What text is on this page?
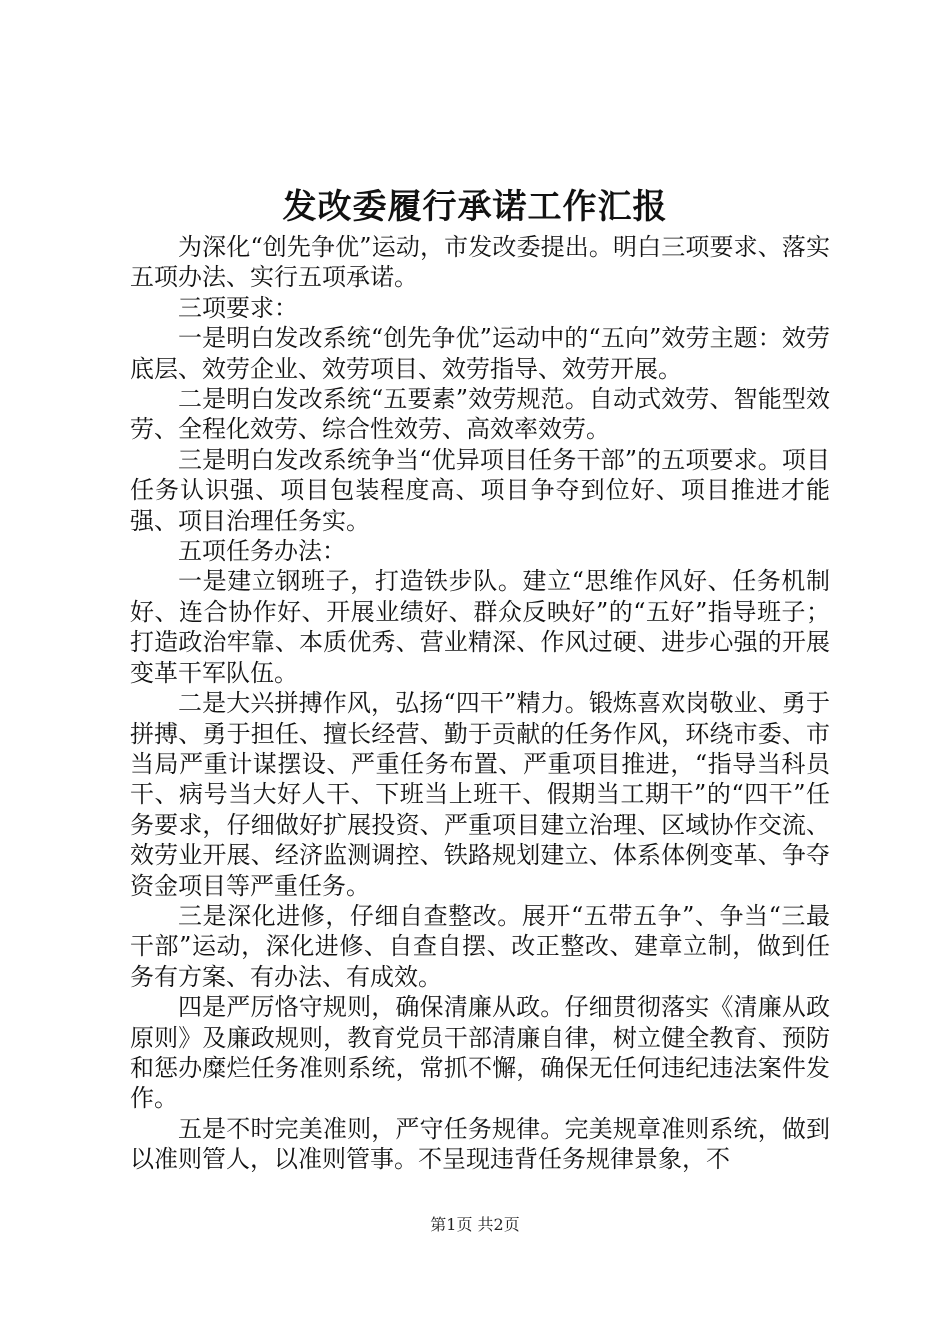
发改委履行承诺工作汇报

为深化“创先争优”运动，市发改委提出。明白三项要求、落实五项办法、实行五项承诺。

三项要求：

一是明白发改系统“创先争优”运动中的“五向”效劳主题：效劳底层、效劳企业、效劳项目、效劳指导、效劳开展。

二是明白发改系统“五要素”效劳规范。自动式效劳、智能型效劳、全程化效劳、综合性效劳、高效率效劳。

三是明白发改系统争当“优异项目任务干部”的五项要求。项目任务认识强、项目包装程度高、项目争夺到位好、项目推进才能强、项目治理任务实。

五项任务办法：

一是建立钢班子，打造铁步队。建立“思维作风好、任务机制好、连合协作好、开展业绩好、群众反映好”的“五好”指导班子；打造政治牢靠、本质优秀、营业精深、作风过硬、进步心强的开展变革干军队伍。

二是大兴拼搏作风，弘扬“四干”精力。锻炼喜欢岗敬业、勇于拼搏、勇于担任、擅长经营、勤于贡献的任务作风，环绕市委、市当局严重计谋摆设、严重任务布置、严重项目推进，“指导当科员干、病号当大好人干、下班当上班干、假期当工期干”的“四干”任务要求，仔细做好扩展投资、严重项目建立治理、区域协作交流、效劳业开展、经济监测调控、铁路规划建立、体系体例变革、争夺资金项目等严重任务。

三是深化进修，仔细自查整改。展开“五带五争”、争当“三最干部”运动，深化进修、自查自摆、改正整改、建章立制，做到任务有方案、有办法、有成效。

四是严厉恪守规则，确保清廉从政。仔细贯彻落实《清廉从政原则》及廉政规则，教育党员干部清廉自律，树立健全教育、预防和惩办糜烂任务准则系统，常抓不懈，确保无任何违纪违法案件发作。

五是不时完美准则，严守任务规律。完美规章准则系统，做到以准则管人，以准则管事。不呈现违背任务规律景象，不

第1页 共2页
